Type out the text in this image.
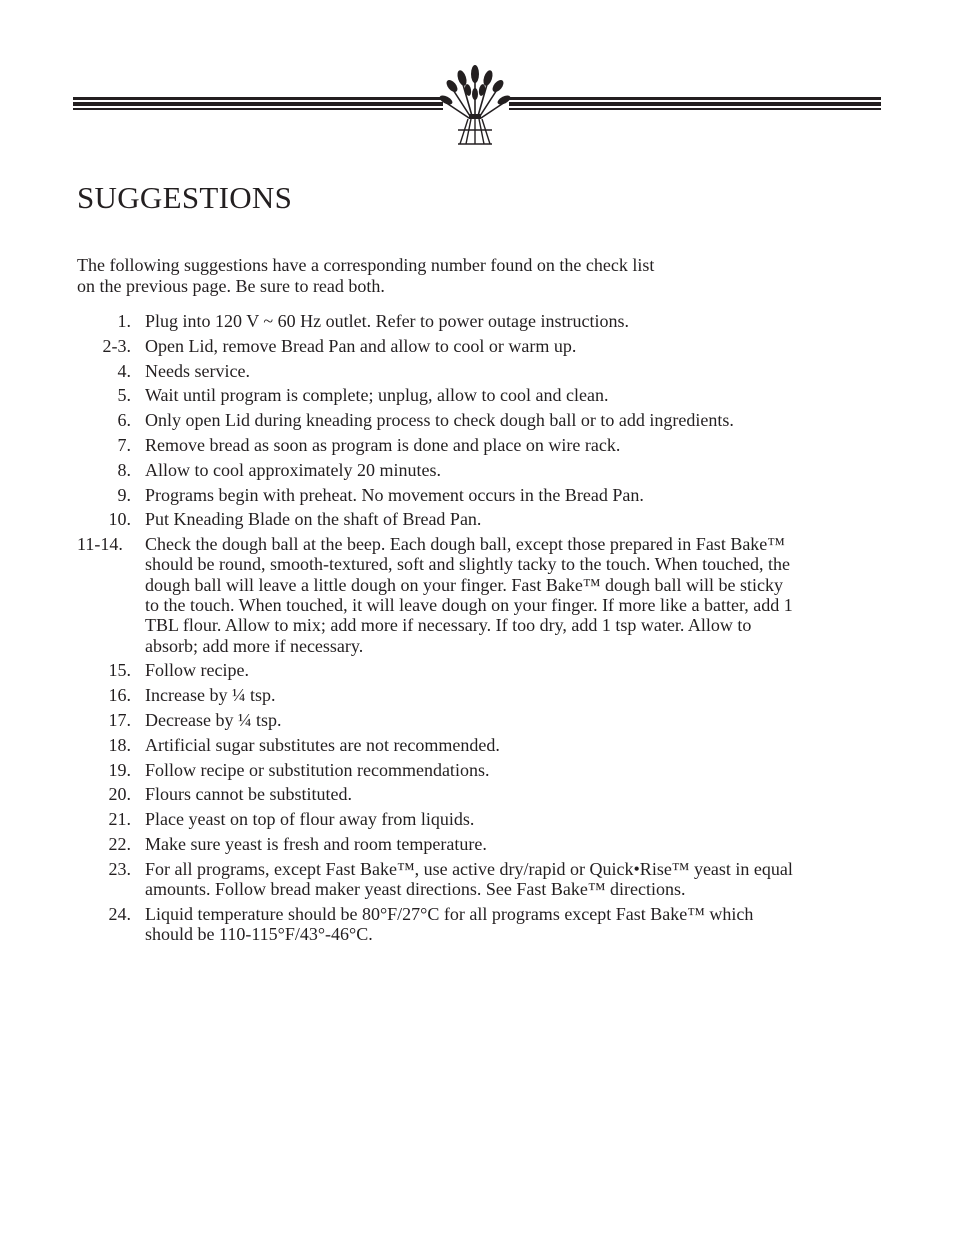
SUGGESTIONS

The following suggestions have a corresponding number found on the check list
on the previous page. Be sure to read both.

1. Plug into 120 V ~ 60 Hz outlet. Refer to power outage instructions.
2-3. Open Lid, remove Bread Pan and allow to cool or warm up.
4. Needs service.
5. Wait until program is complete; unplug, allow to cool and clean.
6. Only open Lid during kneading process to check dough ball or to add ingredients.
7. Remove bread as soon as program is done and place on wire rack.
8. Allow to cool approximately 20 minutes.
9. Programs begin with preheat. No movement occurs in the Bread Pan.
10. Put Kneading Blade on the shaft of Bread Pan.
11-14. Check the dough ball at the beep. Each dough ball, except those prepared in Fast Bake™ should be round, smooth-textured, soft and slightly tacky to the touch. When touched, the dough ball will leave a little dough on your finger. Fast Bake™ dough ball will be sticky to the touch. When touched, it will leave dough on your finger. If more like a batter, add 1 TBL flour. Allow to mix; add more if necessary. If too dry, add 1 tsp water. Allow to absorb; add more if necessary.
15. Follow recipe.
16. Increase by ¼ tsp.
17. Decrease by ¼ tsp.
18. Artificial sugar substitutes are not recommended.
19. Follow recipe or substitution recommendations.
20. Flours cannot be substituted.
21. Place yeast on top of flour away from liquids.
22. Make sure yeast is fresh and room temperature.
23. For all programs, except Fast Bake™, use active dry/rapid or Quick•Rise™ yeast in equal amounts. Follow bread maker yeast directions. See Fast Bake™ directions.
24. Liquid temperature should be 80°F/27°C for all programs except Fast Bake™ which should be 110-115°F/43°-46°C.
